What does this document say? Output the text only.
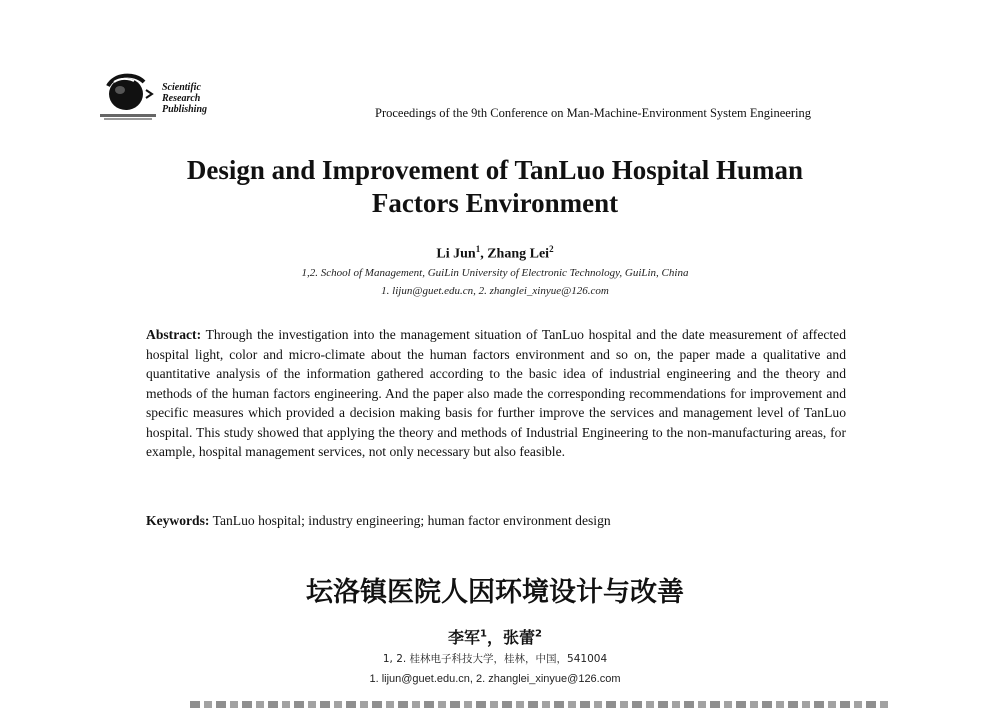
Scientific
Research
Publishing	Proceedings of the 9th Conference on Man-Machine-Environment System Engineering
Design and Improvement of TanLuo Hospital Human
Factors Environment
Li Jun$^1$, Zhang Lei$^2$
1,2. School of Management, GuiLin University of Electronic Technology, GuiLin, China
1. lijun@guet.edu.cn, 2. zhanglei_xinyue@126.com
Abstract: Through the investigation into the management situation of TanLuo hospital and the date measurement of affected hospital light, color and micro-climate about the human factors environment and so on, the paper made a qualitative and quantitative analysis of the information gathered according to the basic idea of industrial engineering and the theory and methods of the human factors engineering. And the paper also made the corresponding recommendations for improvement and specific measures which provided a decision making basis for further improve the services and management level of TanLuo hospital. This study showed that applying the theory and methods of Industrial Engineering to the non-manufacturing areas, for example, hospital management services, not only necessary but also feasible.
Keywords: TanLuo hospital; industry engineering; human factor environment design
坛洛镇医院人因环境设计与改善
李军$^1$，张蕾$^2$
1, 2. 桂林电子科技大学，桂林，中国，541004
1. lijun@guet.edu.cn, 2. zhanglei_xinyue@126.com
